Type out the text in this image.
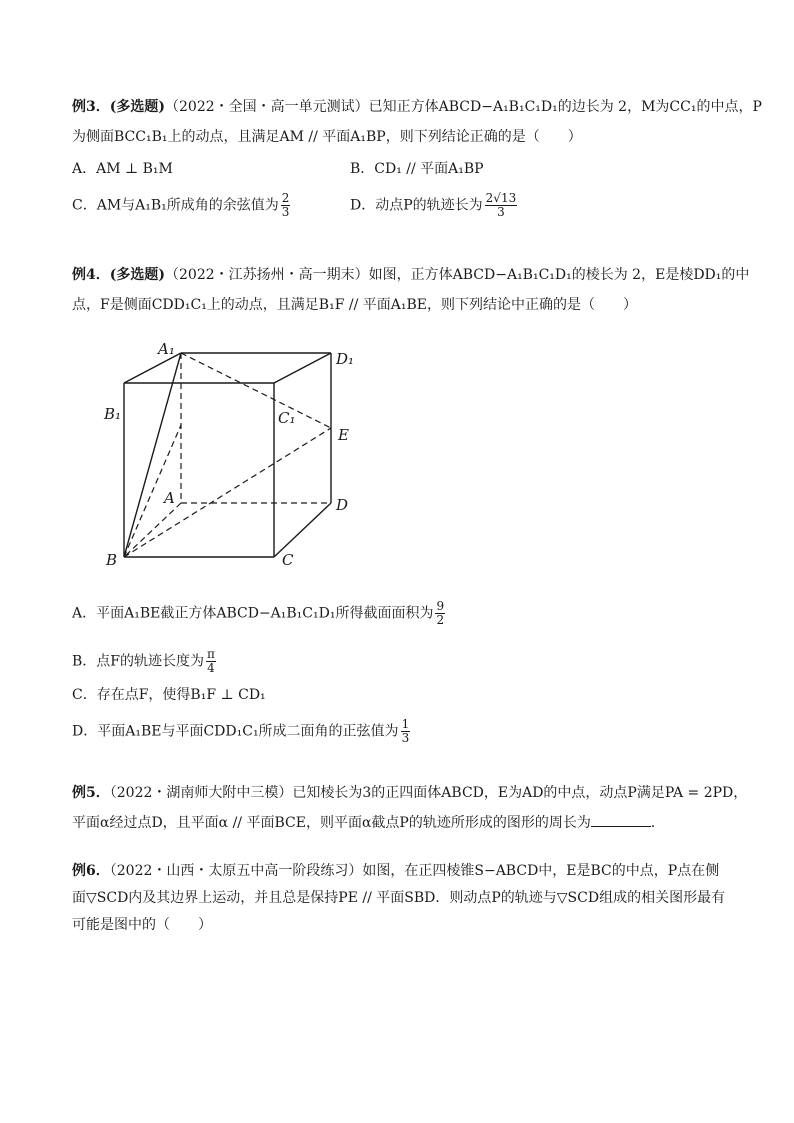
例3．(多选题)（2022・全国・高一单元测试）已知正方体ABCD−A₁B₁C₁D₁的边长为 2，M为CC₁的中点，P
为侧面BCC₁B₁上的动点，且满足AM // 平面A₁BP，则下列结论正确的是（　　）
A．AM ⊥ B₁M	B．CD₁ // 平面A₁BP
C．AM与A₁B₁所成角的余弦值为 $\frac{2}{3}$	D．动点P的轨迹长为 $\frac{2√13}{3}$
例4．(多选题)（2022・江苏扬州・高一期末）如图，正方体ABCD−A₁B₁C₁D₁的棱长为 2，E是棱DD₁的中
点，F是侧面CDD₁C₁上的动点，且满足B₁F // 平面A₁BE，则下列结论中正确的是（　　）
A₁
D₁
B₁	C₁
E
A	D
B	C
A．平面A₁BE截正方体ABCD−A₁B₁C₁D₁所得截面面积为 $\frac{9}{2}$
B．点F的轨迹长度为 $\frac{\pi}{4}$
C．存在点F，使得B₁F ⊥ CD₁
D．平面A₁BE与平面CDD₁C₁所成二面角的正弦值为 $\frac{1}{3}$
例5．（2022・湖南师大附中三模）已知棱长为3的正四面体ABCD，E为AD的中点，动点P满足PA = 2PD，
平面α经过点D，且平面α // 平面BCE，则平面α截点P的轨迹所形成的图形的周长为	．
例6．（2022・山西・太原五中高一阶段练习）如图，在正四棱锥S−ABCD中，E是BC的中点，P点在侧
面▽SCD内及其边界上运动，并且总是保持PE // 平面SBD．则动点P的轨迹与▽SCD组成的相关图形最有
可能是图中的（　　）
